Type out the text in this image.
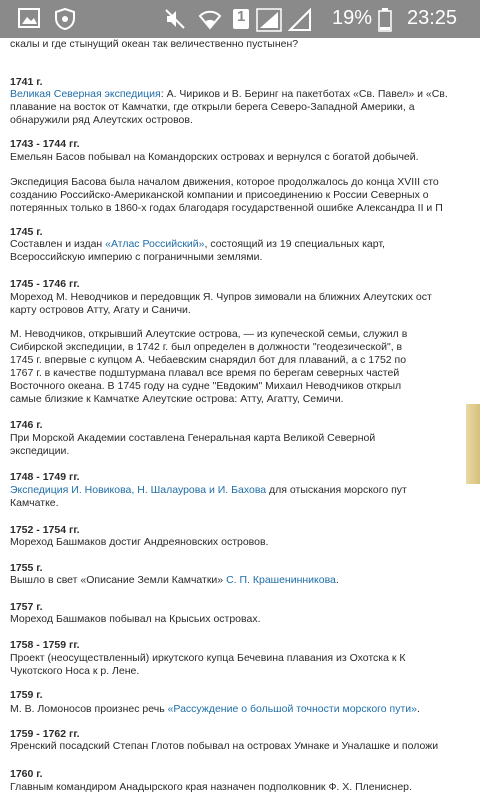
1	19% 23:25
скалы и где стынущий океан так величественно пустынен?
1741 г.
Великая Северная экспедиция: А. Чириков и В. Беринг на пакетботах «Св. Павел» и «Св.
плавание на восток от Камчатки, где открыли берега Северо-Западной Америки, а
обнаружили ряд Алеутских островов.
1743 - 1744 гг.
Емельян Басов побывал на Командорских островах и вернулся с богатой добычей.
Экспедиция Басова была началом движения, которое продолжалось до конца XVIII сто
созданию Российско-Американской компании и присоединению к России Северных о
потерянных только в 1860-х годах благодаря государственной ошибке Александра II и П
1745 г.
Составлен и издан «Атлас Российский», состоящий из 19 специальных карт,
Всероссийскую империю с пограничными землями.
1745 - 1746 гг.
Мореход М. Неводчиков и передовщик Я. Чупров зимовали на ближних Алеутских ост
карту островов Атту, Агату и Саничи.
М. Неводчиков, открывший Алеутские острова, — из купеческой семьи, служил в
Сибирской экспедиции, в 1742 г. был определен в должности "геодезической", в
1745 г. впервые с купцом А. Чебаевским снарядил бот для плаваний, а с 1752 по
1767 г. в качестве подштурмана плавал все время по берегам северных частей
Восточного океана. В 1745 году на судне "Евдоким" Михаил Неводчиков открыл
самые близкие к Камчатке Алеутские острова: Атту, Агатту, Семичи.
1746 г.
При Морской Академии составлена Генеральная карта Великой Северной
экспедиции.
1748 - 1749 гг.
Экспедиция И. Новикова, Н. Шалаурова и И. Бахова для отыскания морского пут
Камчатке.
1752 - 1754 гг.
Мореход Башмаков достиг Андреяновских островов.
1755 г.
Вышло в свет «Описание Земли Камчатки» С. П. Крашенинникова.
1757 г.
Мореход Башмаков побывал на Крысьих островах.
1758 - 1759 гг.
Проект (неосуществленный) иркутского купца Бечевина плавания из Охотска к К
Чукотского Носа к р. Лене.
1759 г.
М. В. Ломоносов произнес речь «Рассуждение о большой точности морского пути».
1759 - 1762 гг.
Яренский посадский Степан Глотов побывал на островах Умнаке и Уналашке и положи
1760 г.
Главным командиром Анадырского края назначен подполковник Ф. Х. Плениснер.
